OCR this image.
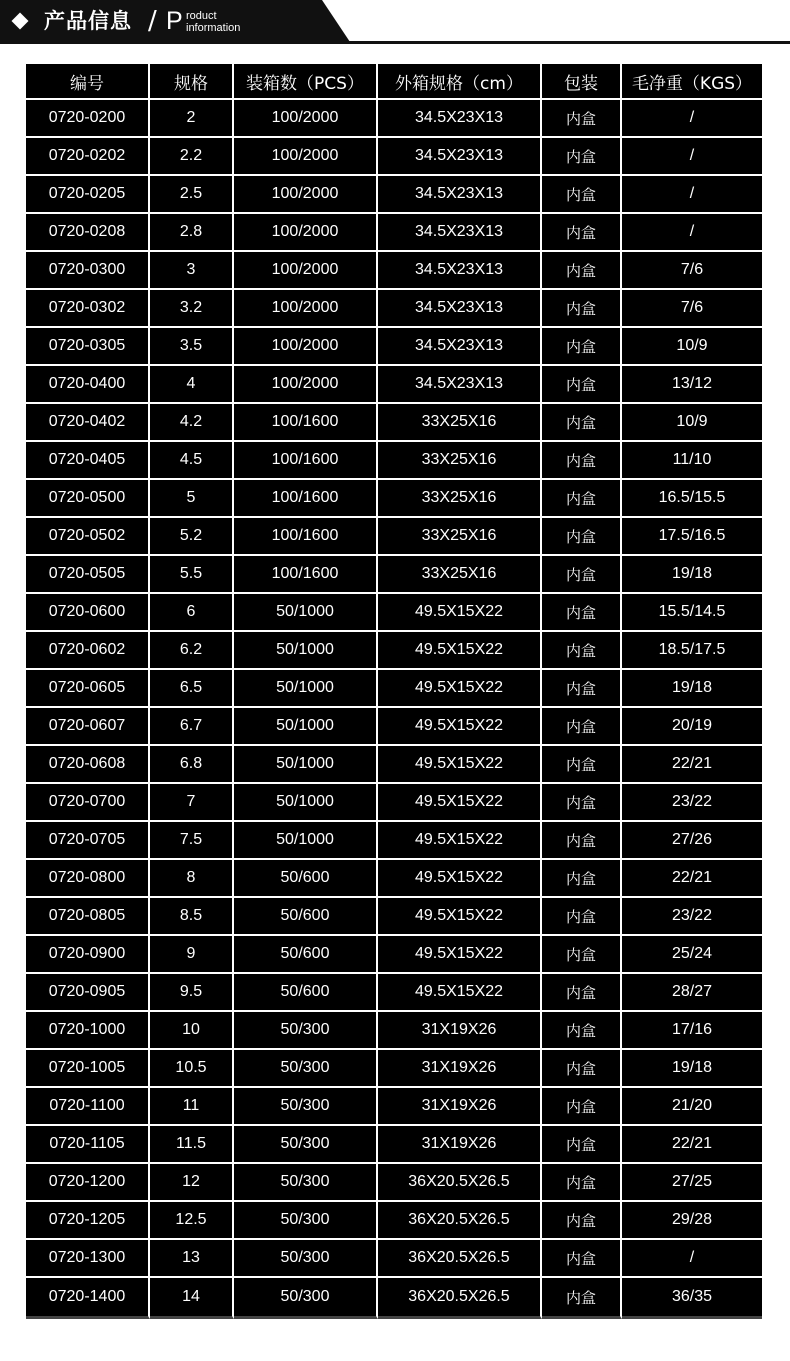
产品信息 / P roduct
information
编号	规格	装箱数（PCS）	外箱规格（cm）	包装	毛净重（KGS）
0720-0200	2	100/2000	34.5X23X13	内盒	/
0720-0202	2.2	100/2000	34.5X23X13	内盒	/
0720-0205	2.5	100/2000	34.5X23X13	内盒	/
0720-0208	2.8	100/2000	34.5X23X13	内盒	/
0720-0300	3	100/2000	34.5X23X13	内盒	7/6
0720-0302	3.2	100/2000	34.5X23X13	内盒	7/6
0720-0305	3.5	100/2000	34.5X23X13	内盒	10/9
0720-0400	4	100/2000	34.5X23X13	内盒	13/12
0720-0402	4.2	100/1600	33X25X16	内盒	10/9
0720-0405	4.5	100/1600	33X25X16	内盒	11/10
0720-0500	5	100/1600	33X25X16	内盒	16.5/15.5
0720-0502	5.2	100/1600	33X25X16	内盒	17.5/16.5
0720-0505	5.5	100/1600	33X25X16	内盒	19/18
0720-0600	6	50/1000	49.5X15X22	内盒	15.5/14.5
0720-0602	6.2	50/1000	49.5X15X22	内盒	18.5/17.5
0720-0605	6.5	50/1000	49.5X15X22	内盒	19/18
0720-0607	6.7	50/1000	49.5X15X22	内盒	20/19
0720-0608	6.8	50/1000	49.5X15X22	内盒	22/21
0720-0700	7	50/1000	49.5X15X22	内盒	23/22
0720-0705	7.5	50/1000	49.5X15X22	内盒	27/26
0720-0800	8	50/600	49.5X15X22	内盒	22/21
0720-0805	8.5	50/600	49.5X15X22	内盒	23/22
0720-0900	9	50/600	49.5X15X22	内盒	25/24
0720-0905	9.5	50/600	49.5X15X22	内盒	28/27
0720-1000	10	50/300	31X19X26	内盒	17/16
0720-1005	10.5	50/300	31X19X26	内盒	19/18
0720-1100	11	50/300	31X19X26	内盒	21/20
0720-1105	11.5	50/300	31X19X26	内盒	22/21
0720-1200	12	50/300	36X20.5X26.5	内盒	27/25
0720-1205	12.5	50/300	36X20.5X26.5	内盒	29/28
0720-1300	13	50/300	36X20.5X26.5	内盒	/
0720-1400	14	50/300	36X20.5X26.5	内盒	36/35
